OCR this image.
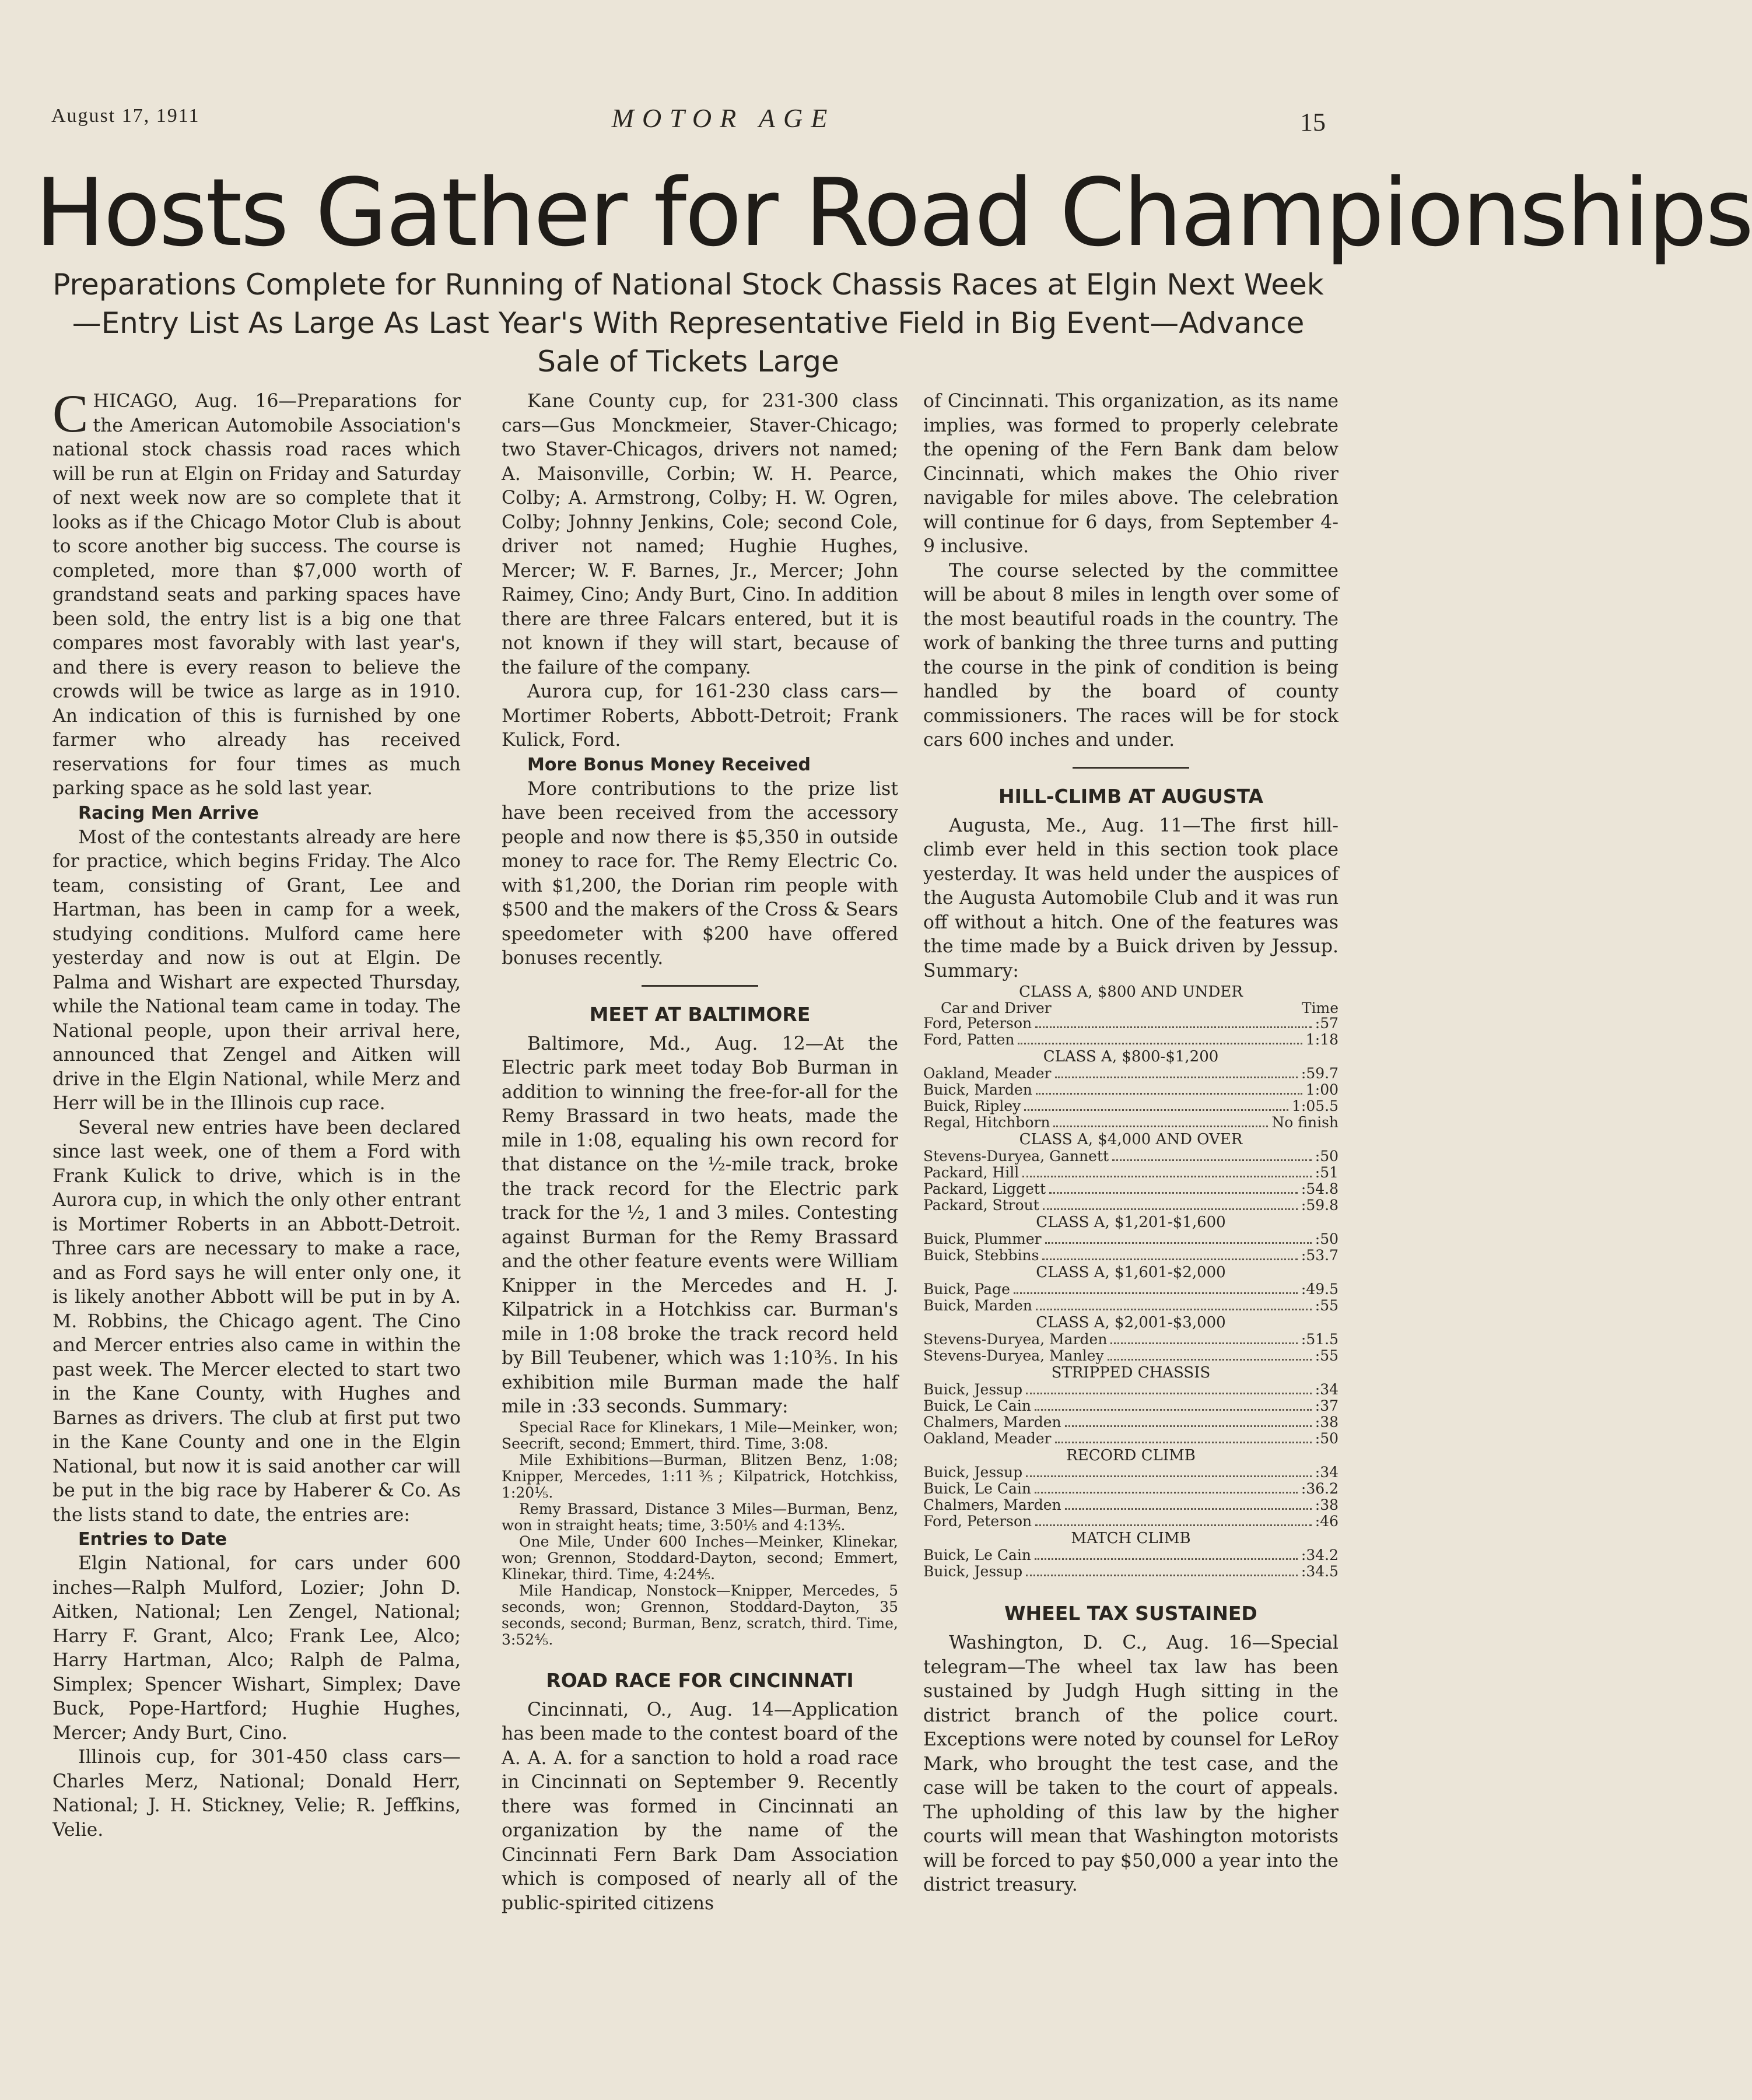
August 17, 1911	MOTOR AGE	15
Hosts Gather for Road Championships
Preparations Complete for Running of National Stock Chassis Races at Elgin Next Week—Entry List As Large As Last Year's With Representative Field in Big Event—Advance Sale of Tickets Large

CHICAGO, Aug. 16—Preparations for the American Automobile Association's national stock chassis road races which will be run at Elgin on Friday and Saturday of next week now are so complete that it looks as if the Chicago Motor Club is about to score another big success. The course is completed, more than $7,000 worth of grandstand seats and parking spaces have been sold, the entry list is a big one that compares most favorably with last year's, and there is every reason to believe the crowds will be twice as large as in 1910. An indication of this is furnished by one farmer who already has received reservations for four times as much parking space as he sold last year.

Racing Men Arrive

Most of the contestants already are here for practice, which begins Friday. The Alco team, consisting of Grant, Lee and Hartman, has been in camp for a week, studying conditions. Mulford came here yesterday and now is out at Elgin. De Palma and Wishart are expected Thursday, while the National team came in today. The National people, upon their arrival here, announced that Zengel and Aitken will drive in the Elgin National, while Merz and Herr will be in the Illinois cup race.

Several new entries have been declared since last week, one of them a Ford with Frank Kulick to drive, which is in the Aurora cup, in which the only other entrant is Mortimer Roberts in an Abbott-Detroit. Three cars are necessary to make a race, and as Ford says he will enter only one, it is likely another Abbott will be put in by A. M. Robbins, the Chicago agent. The Cino and Mercer entries also came in within the past week. The Mercer elected to start two in the Kane County, with Hughes and Barnes as drivers. The club at first put two in the Kane County and one in the Elgin National, but now it is said another car will be put in the big race by Haberer & Co. As the lists stand to date, the entries are:

Entries to Date

Elgin National, for cars under 600 inches—Ralph Mulford, Lozier; John D. Aitken, National; Len Zengel, National; Harry F. Grant, Alco; Frank Lee, Alco; Harry Hartman, Alco; Ralph de Palma, Simplex; Spencer Wishart, Simplex; Dave Buck, Pope-Hartford; Hughie Hughes, Mercer; Andy Burt, Cino.

Illinois cup, for 301-450 class cars—Charles Merz, National; Donald Herr, National; J. H. Stickney, Velie; R. Jeffkins, Velie.

Kane County cup, for 231-300 class cars—Gus Monckmeier, Staver-Chicago; two Staver-Chicagos, drivers not named; A. Maisonville, Corbin; W. H. Pearce, Colby; A. Armstrong, Colby; H. W. Ogren, Colby; Johnny Jenkins, Cole; second Cole, driver not named; Hughie Hughes, Mercer; W. F. Barnes, Jr., Mercer; John Raimey, Cino; Andy Burt, Cino. In addition there are three Falcars entered, but it is not known if they will start, because of the failure of the company.

Aurora cup, for 161-230 class cars—Mortimer Roberts, Abbott-Detroit; Frank Kulick, Ford.

More Bonus Money Received

More contributions to the prize list have been received from the accessory people and now there is $5,350 in outside money to race for. The Remy Electric Co. with $1,200, the Dorian rim people with $500 and the makers of the Cross & Sears speedometer with $200 have offered bonuses recently.

MEET AT BALTIMORE

Baltimore, Md., Aug. 12—At the Electric park meet today Bob Burman in addition to winning the free-for-all for the Remy Brassard in two heats, made the mile in 1:08, equaling his own record for that distance on the ½-mile track, broke the track record for the Electric park track for the ½, 1 and 3 miles. Contesting against Burman for the Remy Brassard and the other feature events were William Knipper in the Mercedes and H. J. Kilpatrick in a Hotchkiss car. Burman's mile in 1:08 broke the track record held by Bill Teubener, which was 1:10⅗. In his exhibition mile Burman made the half mile in :33 seconds. Summary:

Special Race for Klinekars, 1 Mile—Meinker, won; Seecrift, second; Emmert, third. Time, 3:08.

Mile Exhibitions—Burman, Blitzen Benz, 1:08; Knipper, Mercedes, 1:11⅗; Kilpatrick, Hotchkiss, 1:20⅕.

Remy Brassard, Distance 3 Miles—Burman, Benz, won in straight heats; time, 3:50⅕ and 4:13⅘.

One Mile, Under 600 Inches—Meinker, Klinekar, won; Grennon, Stoddard-Dayton, second; Emmert, Klinekar, third. Time, 4:24⅘.

Mile Handicap, Nonstock—Knipper, Mercedes, 5 seconds, won; Grennon, Stoddard-Dayton, 35 seconds, second; Burman, Benz, scratch, third. Time, 3:52⅘.

ROAD RACE FOR CINCINNATI

Cincinnati, O., Aug. 14—Application has been made to the contest board of the A. A. A. for a sanction to hold a road race in Cincinnati on September 9. Recently there was formed in Cincinnati an organization by the name of the Cincinnati Fern Bark Dam Association which is composed of nearly all of the public-spirited citizens

of Cincinnati. This organization, as its name implies, was formed to properly celebrate the opening of the Fern Bank dam below Cincinnati, which makes the Ohio river navigable for miles above. The celebration will continue for 6 days, from September 4-9 inclusive.

The course selected by the committee will be about 8 miles in length over some of the most beautiful roads in the country. The work of banking the three turns and putting the course in the pink of condition is being handled by the board of county commissioners. The races will be for stock cars 600 inches and under.

HILL-CLIMB AT AUGUSTA

Augusta, Me., Aug. 11—The first hill-climb ever held in this section took place yesterday. It was held under the auspices of the Augusta Automobile Club and it was run off without a hitch. One of the features was the time made by a Buick driven by Jessup. Summary:

CLASS A, $800 AND UNDER
Car and Driver	Time
Ford, Peterson	:57
Ford, Patten	1:18
CLASS A, $800-$1,200
Oakland, Meader	:59.7
Buick, Marden	1:00
Buick, Ripley	1:05.5
Regal, Hitchborn	No finish
CLASS A, $4,000 AND OVER
Stevens-Duryea, Gannett	:50
Packard, Hill	:51
Packard, Liggett	:54.8
Packard, Strout	:59.8
CLASS A, $1,201-$1,600
Buick, Plummer	:50
Buick, Stebbins	:53.7
CLASS A, $1,601-$2,000
Buick, Page	:49.5
Buick, Marden	:55
CLASS A, $2,001-$3,000
Stevens-Duryea, Marden	:51.5
Stevens-Duryea, Manley	:55
STRIPPED CHASSIS
Buick, Jessup	:34
Buick, Le Cain	:37
Chalmers, Marden	:38
Oakland, Meader	:50
RECORD CLIMB
Buick, Jessup	:34
Buick, Le Cain	:36.2
Chalmers, Marden	:38
Ford, Peterson	:46
MATCH CLIMB
Buick, Le Cain	:34.2
Buick, Jessup	:34.5
WHEEL TAX SUSTAINED

Washington, D. C., Aug. 16—Special telegram—The wheel tax law has been sustained by Judgh Hugh sitting in the district branch of the police court. Exceptions were noted by counsel for LeRoy Mark, who brought the test case, and the case will be taken to the court of appeals. The upholding of this law by the higher courts will mean that Washington motorists will be forced to pay $50,000 a year into the district treasury.
